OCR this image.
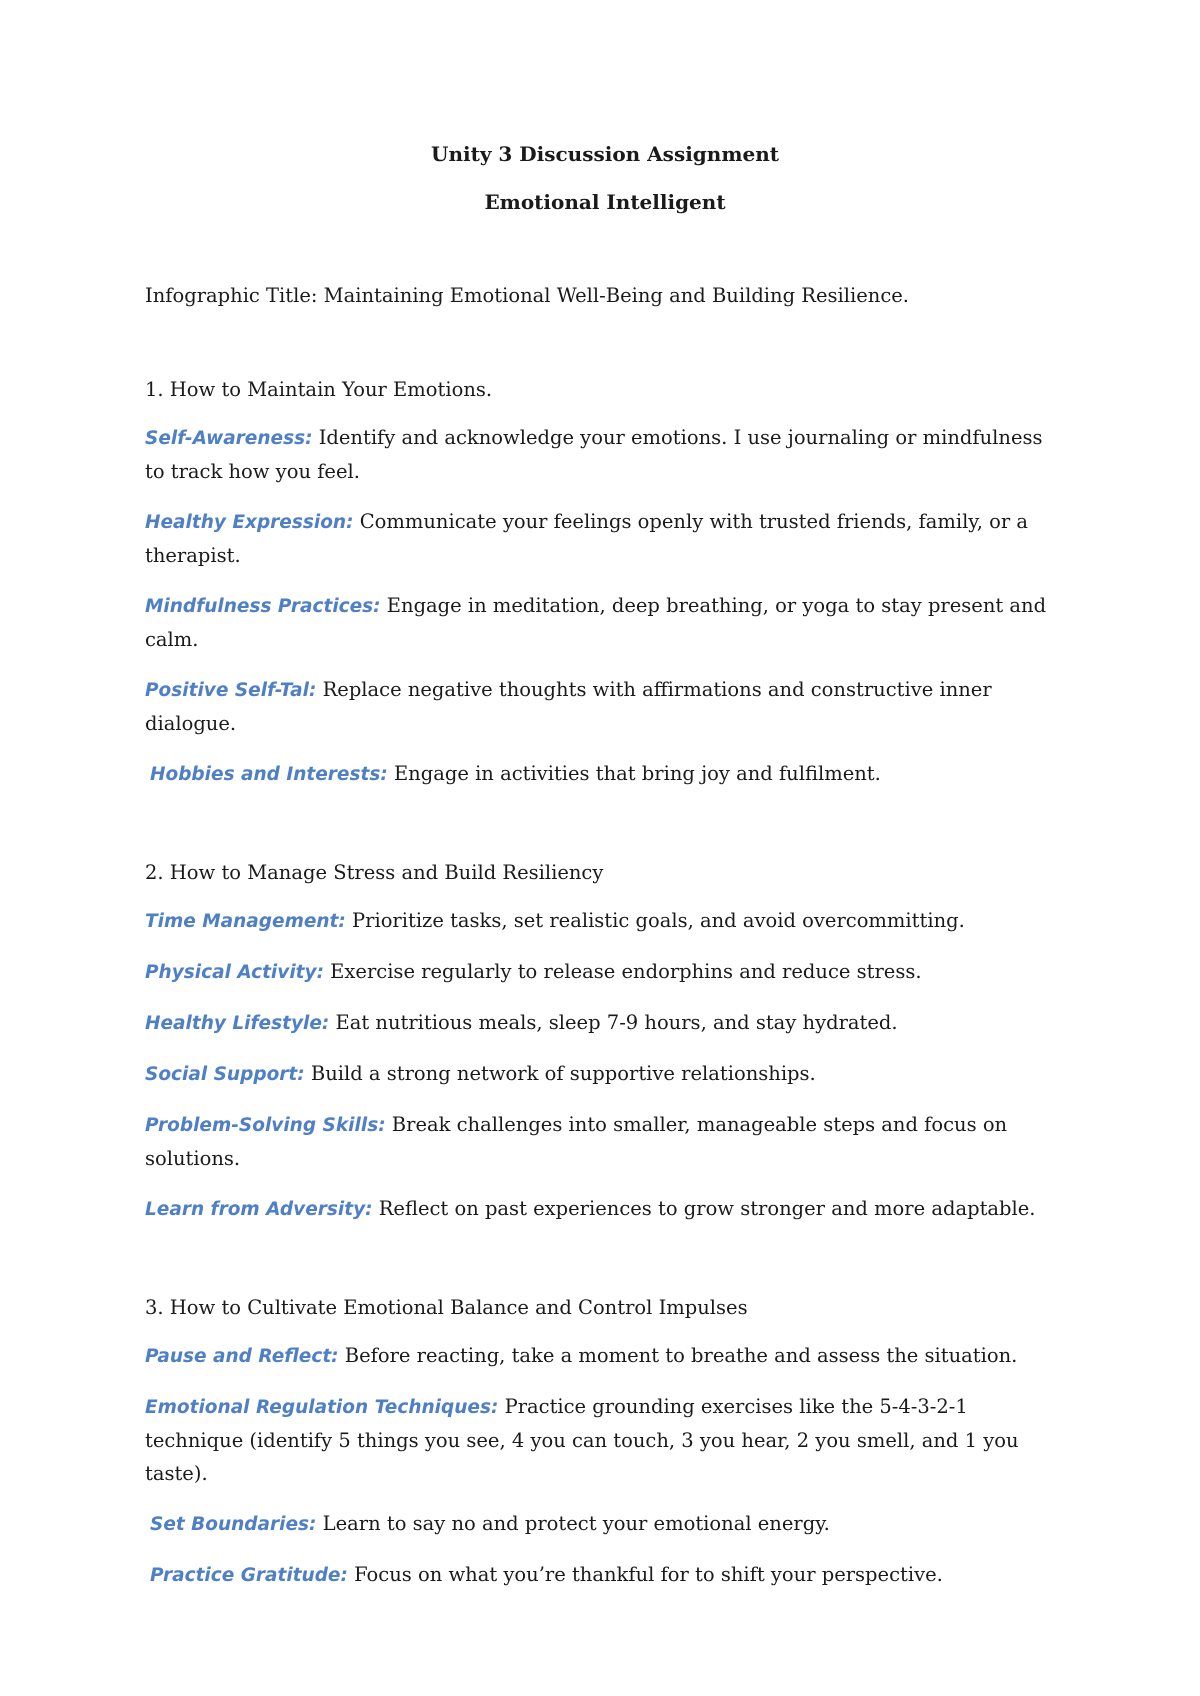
Unity 3 Discussion Assignment

Emotional Intelligent

Infographic Title: Maintaining Emotional Well-Being and Building Resilience.

1. How to Maintain Your Emotions.

Self-Awareness: Identify and acknowledge your emotions. I use journaling or mindfulness to track how you feel.

Healthy Expression: Communicate your feelings openly with trusted friends, family, or a therapist.

Mindfulness Practices: Engage in meditation, deep breathing, or yoga to stay present and calm.

Positive Self-Tal: Replace negative thoughts with affirmations and constructive inner dialogue.

Hobbies and Interests: Engage in activities that bring joy and fulfilment.

2. How to Manage Stress and Build Resiliency

Time Management: Prioritize tasks, set realistic goals, and avoid overcommitting.

Physical Activity: Exercise regularly to release endorphins and reduce stress.

Healthy Lifestyle: Eat nutritious meals, sleep 7-9 hours, and stay hydrated.

Social Support: Build a strong network of supportive relationships.

Problem-Solving Skills: Break challenges into smaller, manageable steps and focus on solutions.

Learn from Adversity: Reflect on past experiences to grow stronger and more adaptable.

3. How to Cultivate Emotional Balance and Control Impulses

Pause and Reflect: Before reacting, take a moment to breathe and assess the situation.

Emotional Regulation Techniques: Practice grounding exercises like the 5-4-3-2-1 technique (identify 5 things you see, 4 you can touch, 3 you hear, 2 you smell, and 1 you taste).

Set Boundaries: Learn to say no and protect your emotional energy.

Practice Gratitude: Focus on what you’re thankful for to shift your perspective.
